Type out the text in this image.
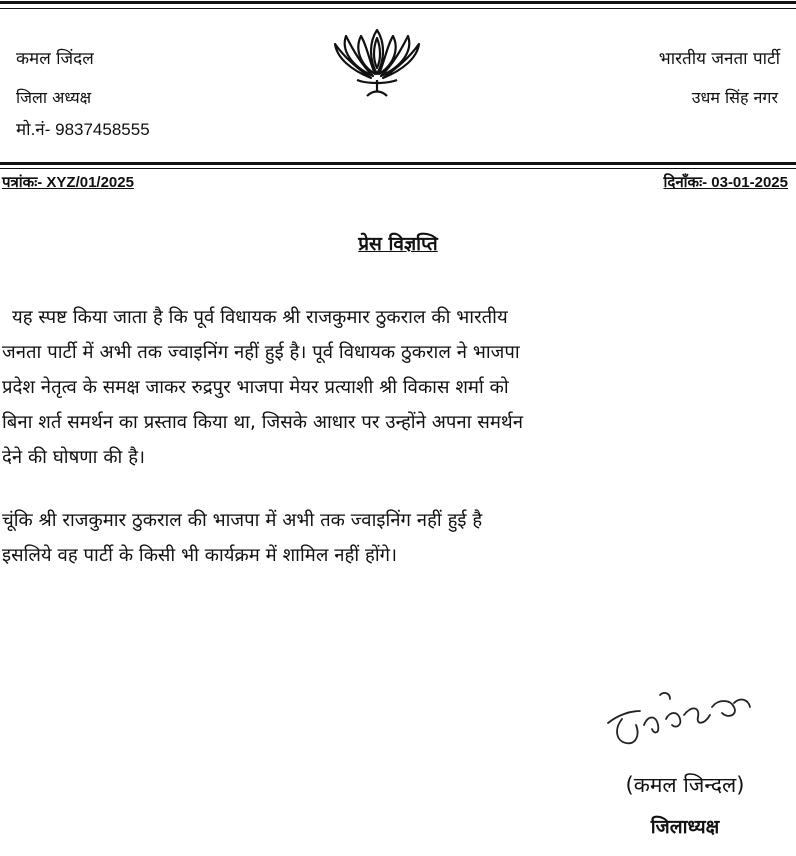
कमल जिंदल
जिला अध्यक्ष
मो.नं- 9837458555
भारतीय जनता पार्टी
उधम सिंह नगर
पत्रांकः- XYZ/01/2025	दिनाँकः- 03-01-2025
प्रेस विज्ञप्ति
यह स्पष्ट किया जाता है कि पूर्व विधायक श्री राजकुमार ठुकराल की भारतीय
जनता पार्टी में अभी तक ज्वाइनिंग नहीं हुई है। पूर्व विधायक ठुकराल ने भाजपा
प्रदेश नेतृत्व के समक्ष जाकर रुद्रपुर भाजपा मेयर प्रत्याशी श्री विकास शर्मा को
बिना शर्त समर्थन का प्रस्ताव किया था, जिसके आधार पर उन्होंने अपना समर्थन
देने की घोषणा की है।
चूंकि श्री राजकुमार ठुकराल की भाजपा में अभी तक ज्वाइनिंग नहीं हुई है
इसलिये वह पार्टी के किसी भी कार्यक्रम में शामिल नहीं होंगे।
(कमल जिन्दल)
जिलाध्यक्ष
